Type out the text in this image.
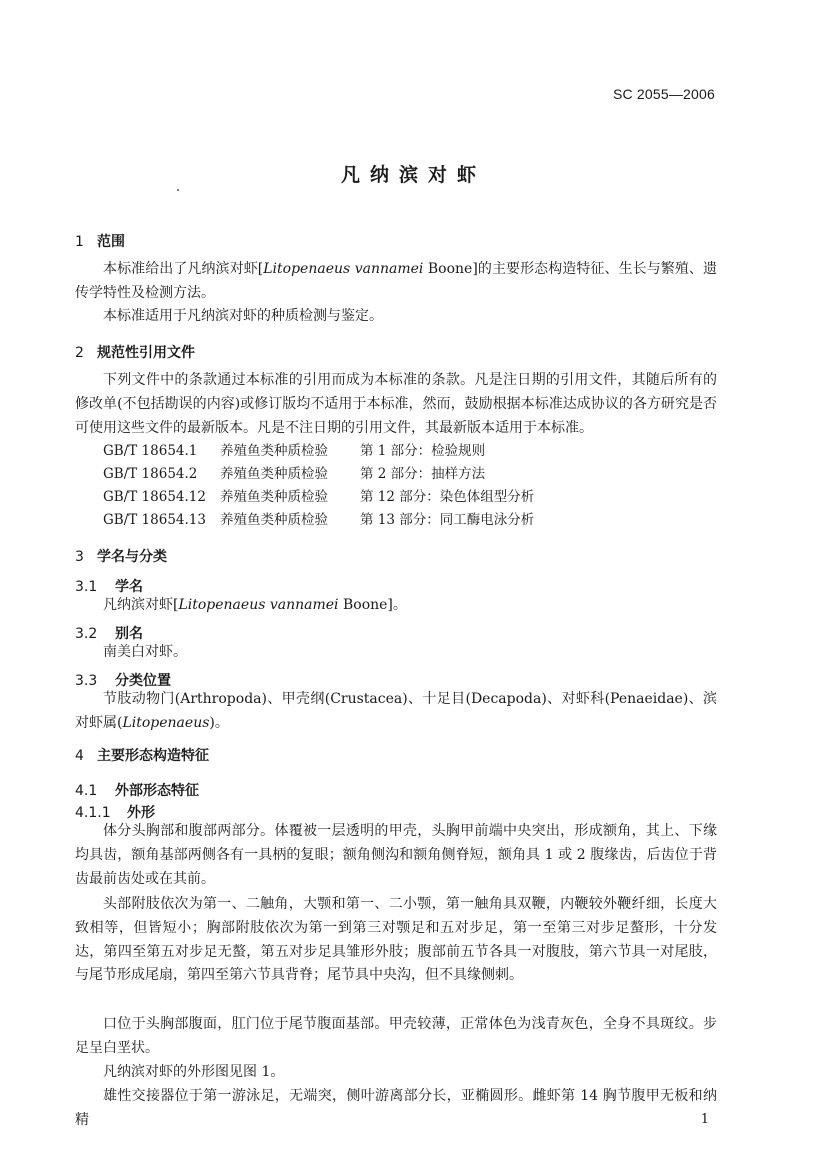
SC 2055—2006
凡纳滨对虾
1 范围
本标准给出了凡纳滨对虾[Litopenaeus vannamei Boone]的主要形态构造特征、生长与繁殖、遗传学特性及检测方法。
本标准适用于凡纳滨对虾的种质检测与鉴定。
2 规范性引用文件
下列文件中的条款通过本标准的引用而成为本标准的条款。凡是注日期的引用文件，其随后所有的修改单(不包括勘误的内容)或修订版均不适用于本标准，然而，鼓励根据本标准达成协议的各方研究是否可使用这些文件的最新版本。凡是不注日期的引用文件，其最新版本适用于本标准。
GB/T 18654.1 养殖鱼类种质检验 第 1 部分：检验规则
GB/T 18654.2 养殖鱼类种质检验 第 2 部分：抽样方法
GB/T 18654.12 养殖鱼类种质检验 第 12 部分：染色体组型分析
GB/T 18654.13 养殖鱼类种质检验 第 13 部分：同工酶电泳分析
3 学名与分类
3.1 学名
凡纳滨对虾[Litopenaeus vannamei Boone]。
3.2 别名
南美白对虾。
3.3 分类位置
节肢动物门(Arthropoda)、甲壳纲(Crustacea)、十足目(Decapoda)、对虾科(Penaeidae)、滨对虾属(Litopenaeus)。
4 主要形态构造特征
4.1 外部形态特征
4.1.1 外形
体分头胸部和腹部两部分。体覆被一层透明的甲壳，头胸甲前端中央突出，形成额角，其上、下缘均具齿，额角基部两侧各有一具柄的复眼；额角侧沟和额角侧脊短，额角具 1 或 2 腹缘齿，后齿位于背齿最前齿处或在其前。
头部附肢依次为第一、二触角，大颚和第一、二小颚，第一触角具双鞭，内鞭较外鞭纤细，长度大致相等，但皆短小；胸部附肢依次为第一到第三对颚足和五对步足，第一至第三对步足螯形，十分发达，第四至第五对步足无螯，第五对步足具雏形外肢；腹部前五节各具一对腹肢，第六节具一对尾肢，与尾节形成尾扇，第四至第六节具背脊；尾节具中央沟，但不具缘侧刺。
口位于头胸部腹面，肛门位于尾节腹面基部。甲壳较薄，正常体色为浅青灰色，全身不具斑纹。步足呈白垩状。
凡纳滨对虾的外形图见图 1。
雄性交接器位于第一游泳足，无端突，侧叶游离部分长，亚椭圆形。雌虾第 14 胸节腹甲无板和纳精	1
